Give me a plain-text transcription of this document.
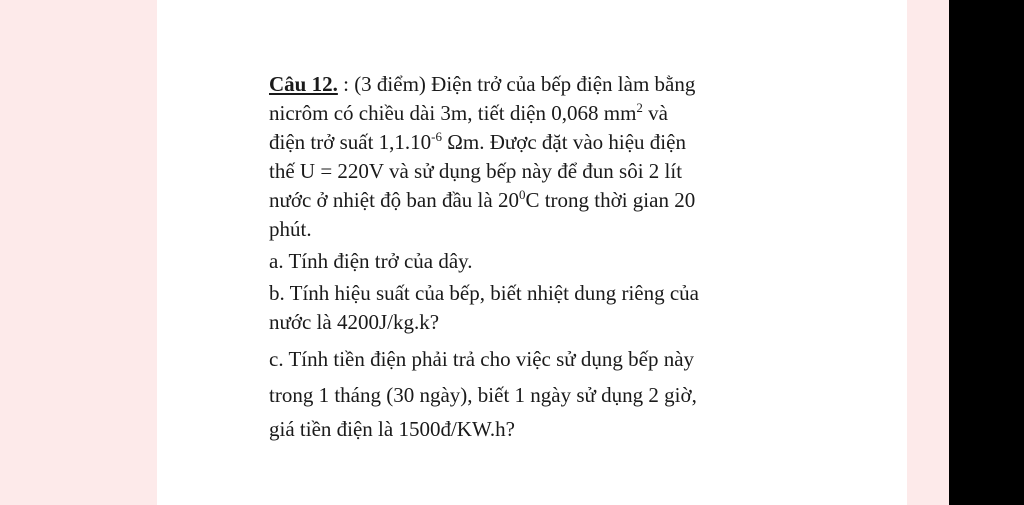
Câu 12. : (3 điểm) Điện trở của bếp điện làm bằng
nicrôm có chiều dài 3m, tiết diện 0,068 $mm^2$ và
điện trở suất $1,1.10^{-6}$ Ωm. Được đặt vào hiệu điện
thế U = 220V và sử dụng bếp này để đun sôi 2 lít
nước ở nhiệt độ ban đầu là $20^0C$ trong thời gian 20
phút.
a. Tính điện trở của dây.
b. Tính hiệu suất của bếp, biết nhiệt dung riêng của
nước là 4200J/kg.k?
c. Tính tiền điện phải trả cho việc sử dụng bếp này
trong 1 tháng (30 ngày), biết 1 ngày sử dụng 2 giờ,
giá tiền điện là 1500đ/KW.h?
